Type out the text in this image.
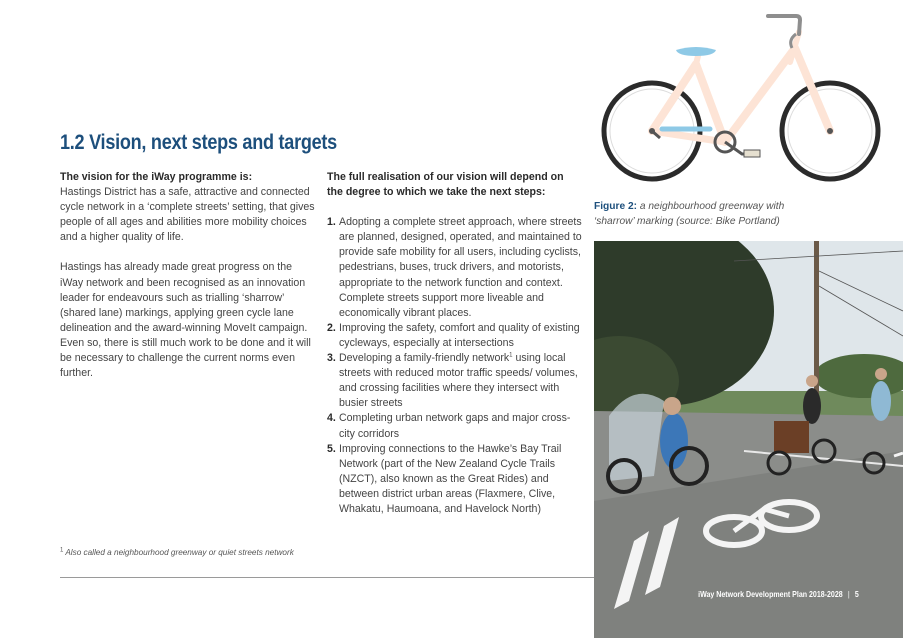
1.2 Vision, next steps and targets
The vision for the iWay programme is:

Hastings District has a safe, attractive and connected cycle network in a ‘complete streets’ setting, that gives people of all ages and abilities more mobility choices and a higher quality of life.

Hastings has already made great progress on the iWay network and been recognised as an innovation leader for endeavours such as trialling ‘sharrow’ (shared lane) markings, applying green cycle lane delineation and the award-winning MoveIt campaign. Even so, there is still much work to be done and it will be necessary to challenge the current norms even further.

The full realisation of our vision will depend on the degree to which we take the next steps:

1. Adopting a complete street approach, where streets are planned, designed, operated, and maintained to provide safe mobility for all users, including cyclists, pedestrians, buses, truck drivers, and motorists, appropriate to the network function and context. Complete streets support more liveable and economically vibrant places.
2. Improving the safety, comfort and quality of existing cycleways, especially at intersections
3. Developing a family-friendly network$^1$ using local streets with reduced motor traffic speeds/ volumes, and crossing facilities where they intersect with busier streets
4. Completing urban network gaps and major cross-city corridors
5. Improving connections to the Hawke’s Bay Trail Network (part of the New Zealand Cycle Trails (NZCT), also known as the Great Rides) and between district urban areas (Flaxmere, Clive, Whakatu, Haumoana, and Havelock North)
$^1$ Also called a neighbourhood greenway or quiet streets network
Figure 2: a neighbourhood greenway with ‘sharrow’ marking (source: Bike Portland)
iWay Network Development Plan 2018-2028 | 5
